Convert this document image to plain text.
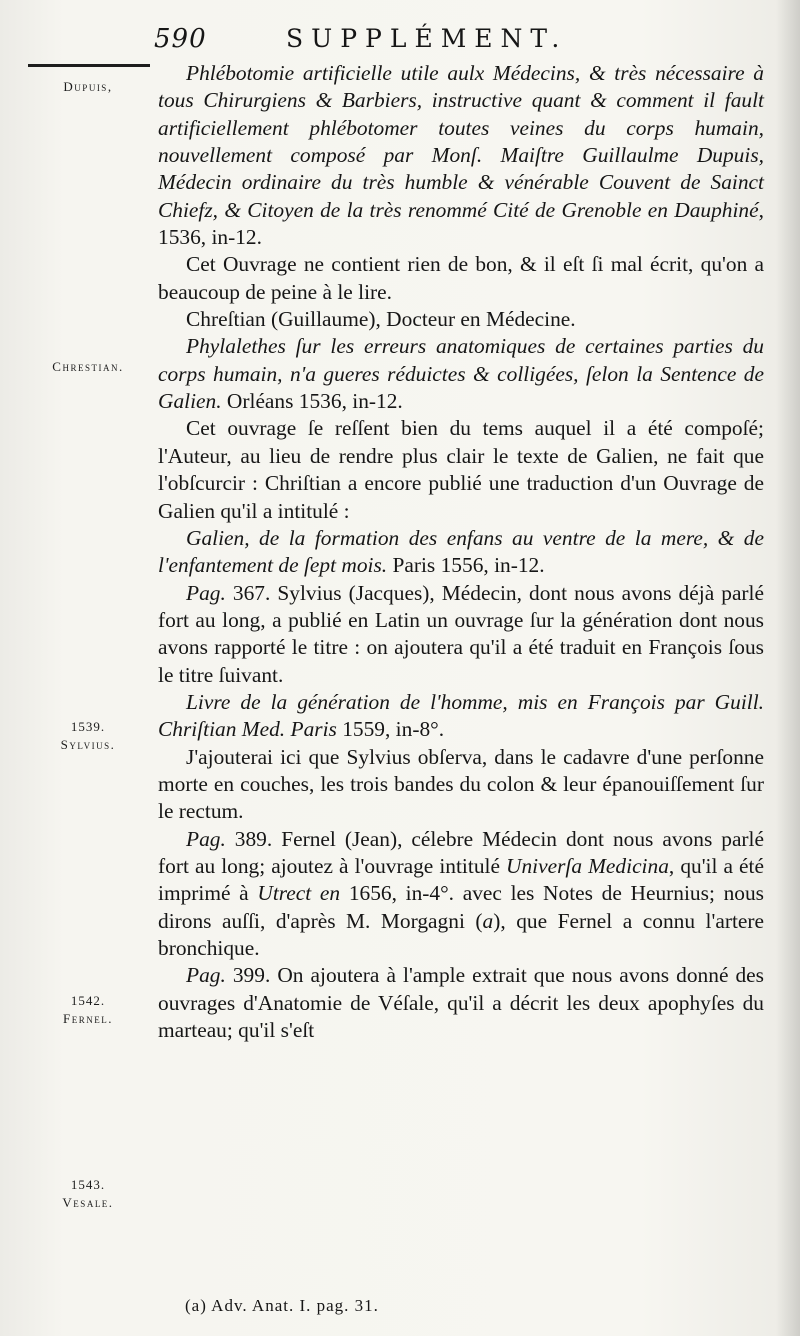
590	SUPPLÉMENT.
Dupuis,
Chrestian.
1539.
Sylvius.
1542.
Fernel.
1543.
Vesale.

Phlébotomie artificielle utile aulx Médecins, & très nécessaire à tous Chirurgiens & Barbiers, instructive quant & comment il fault artificiellement phlébotomer toutes veines du corps humain, nouvellement composé par Monſ. Maiſtre Guillaulme Dupuis, Médecin ordinaire du très humble & vénérable Couvent de Sainct Chiefz, & Citoyen de la très renommé Cité de Grenoble en Dauphiné, 1536, in-12.

Cet Ouvrage ne contient rien de bon, & il eſt ſi mal écrit, qu'on a beaucoup de peine à le lire.

Chreſtian (Guillaume), Docteur en Médecine.

Phylalethes ſur les erreurs anatomiques de certaines parties du corps humain, n'a gueres réduictes & colligées, ſelon la Sentence de Galien. Orléans 1536, in-12.

Cet ouvrage ſe reſſent bien du tems auquel il a été compoſé; l'Auteur, au lieu de rendre plus clair le texte de Galien, ne fait que l'obſcurcir : Chriſtian a encore publié une traduction d'un Ouvrage de Galien qu'il a intitulé :

Galien, de la formation des enfans au ventre de la mere, & de l'enfantement de ſept mois. Paris 1556, in-12.

Pag. 367. Sylvius (Jacques), Médecin, dont nous avons déjà parlé fort au long, a publié en Latin un ouvrage ſur la génération dont nous avons rapporté le titre : on ajoutera qu'il a été traduit en François ſous le titre ſuivant.

Livre de la génération de l'homme, mis en François par Guill. Chriſtian Med. Paris 1559, in-8°.

J'ajouterai ici que Sylvius obſerva, dans le cadavre d'une perſonne morte en couches, les trois bandes du colon & leur épanouiſſement ſur le rectum.

Pag. 389. Fernel (Jean), célebre Médecin dont nous avons parlé fort au long; ajoutez à l'ouvrage intitulé Univerſa Medicina, qu'il a été imprimé à Utrect en 1656, in-4°. avec les Notes de Heurnius; nous dirons auſſi, d'après M. Morgagni (a), que Fernel a connu l'artere bronchique.

Pag. 399. On ajoutera à l'ample extrait que nous avons donné des ouvrages d'Anatomie de Véſale, qu'il a décrit les deux apophyſes du marteau; qu'il s'eſt

(a) Adv. Anat. I. pag. 31.
